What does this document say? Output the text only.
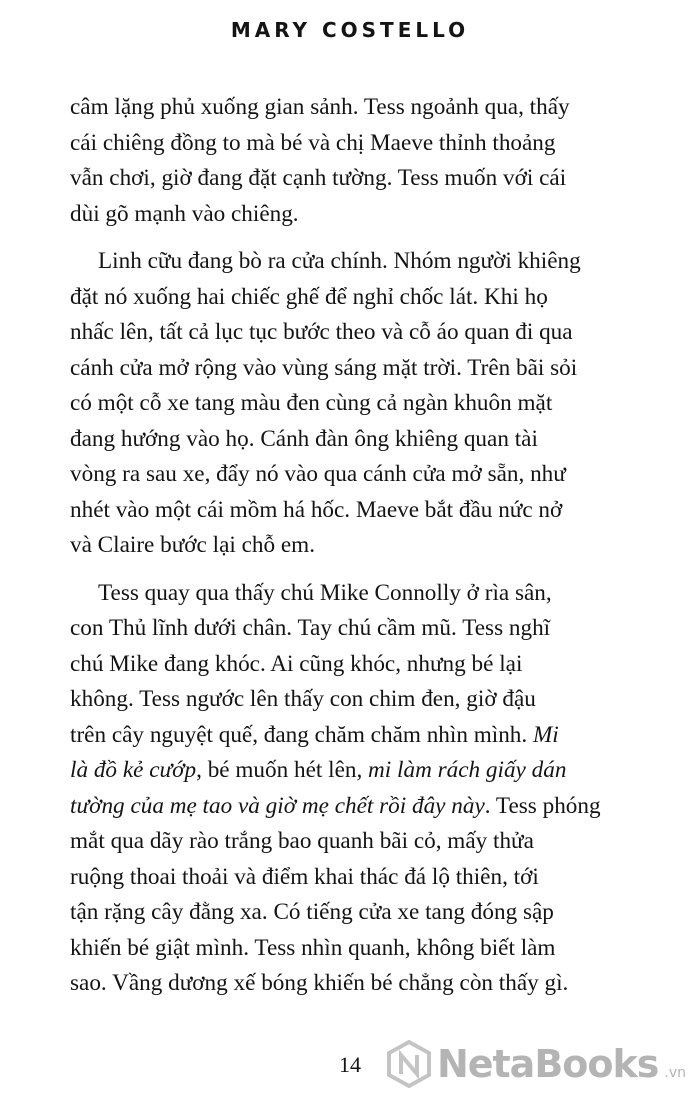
MARY COSTELLO
câm lặng phủ xuống gian sảnh. Tess ngoảnh qua, thấy
cái chiêng đồng to mà bé và chị Maeve thỉnh thoảng
vẫn chơi, giờ đang đặt cạnh tường. Tess muốn với cái
dùi gõ mạnh vào chiêng.
Linh cữu đang bò ra cửa chính. Nhóm người khiêng
đặt nó xuống hai chiếc ghế để nghỉ chốc lát. Khi họ
nhấc lên, tất cả lục tục bước theo và cỗ áo quan đi qua
cánh cửa mở rộng vào vùng sáng mặt trời. Trên bãi sỏi
có một cỗ xe tang màu đen cùng cả ngàn khuôn mặt
đang hướng vào họ. Cánh đàn ông khiêng quan tài
vòng ra sau xe, đẩy nó vào qua cánh cửa mở sẵn, như
nhét vào một cái mồm há hốc. Maeve bắt đầu nức nở
và Claire bước lại chỗ em.
Tess quay qua thấy chú Mike Connolly ở rìa sân,
con Thủ lĩnh dưới chân. Tay chú cầm mũ. Tess nghĩ
chú Mike đang khóc. Ai cũng khóc, nhưng bé lại
không. Tess ngước lên thấy con chim đen, giờ đậu
trên cây nguyệt quế, đang chăm chăm nhìn mình. Mi
là đồ kẻ cướp, bé muốn hét lên, mi làm rách giấy dán
tường của mẹ tao và giờ mẹ chết rồi đây này. Tess phóng
mắt qua dãy rào trắng bao quanh bãi cỏ, mấy thửa
ruộng thoai thoải và điểm khai thác đá lộ thiên, tới
tận rặng cây đằng xa. Có tiếng cửa xe tang đóng sập
khiến bé giật mình. Tess nhìn quanh, không biết làm
sao. Vầng dương xế bóng khiến bé chẳng còn thấy gì.
14	NetaBooks .vn
